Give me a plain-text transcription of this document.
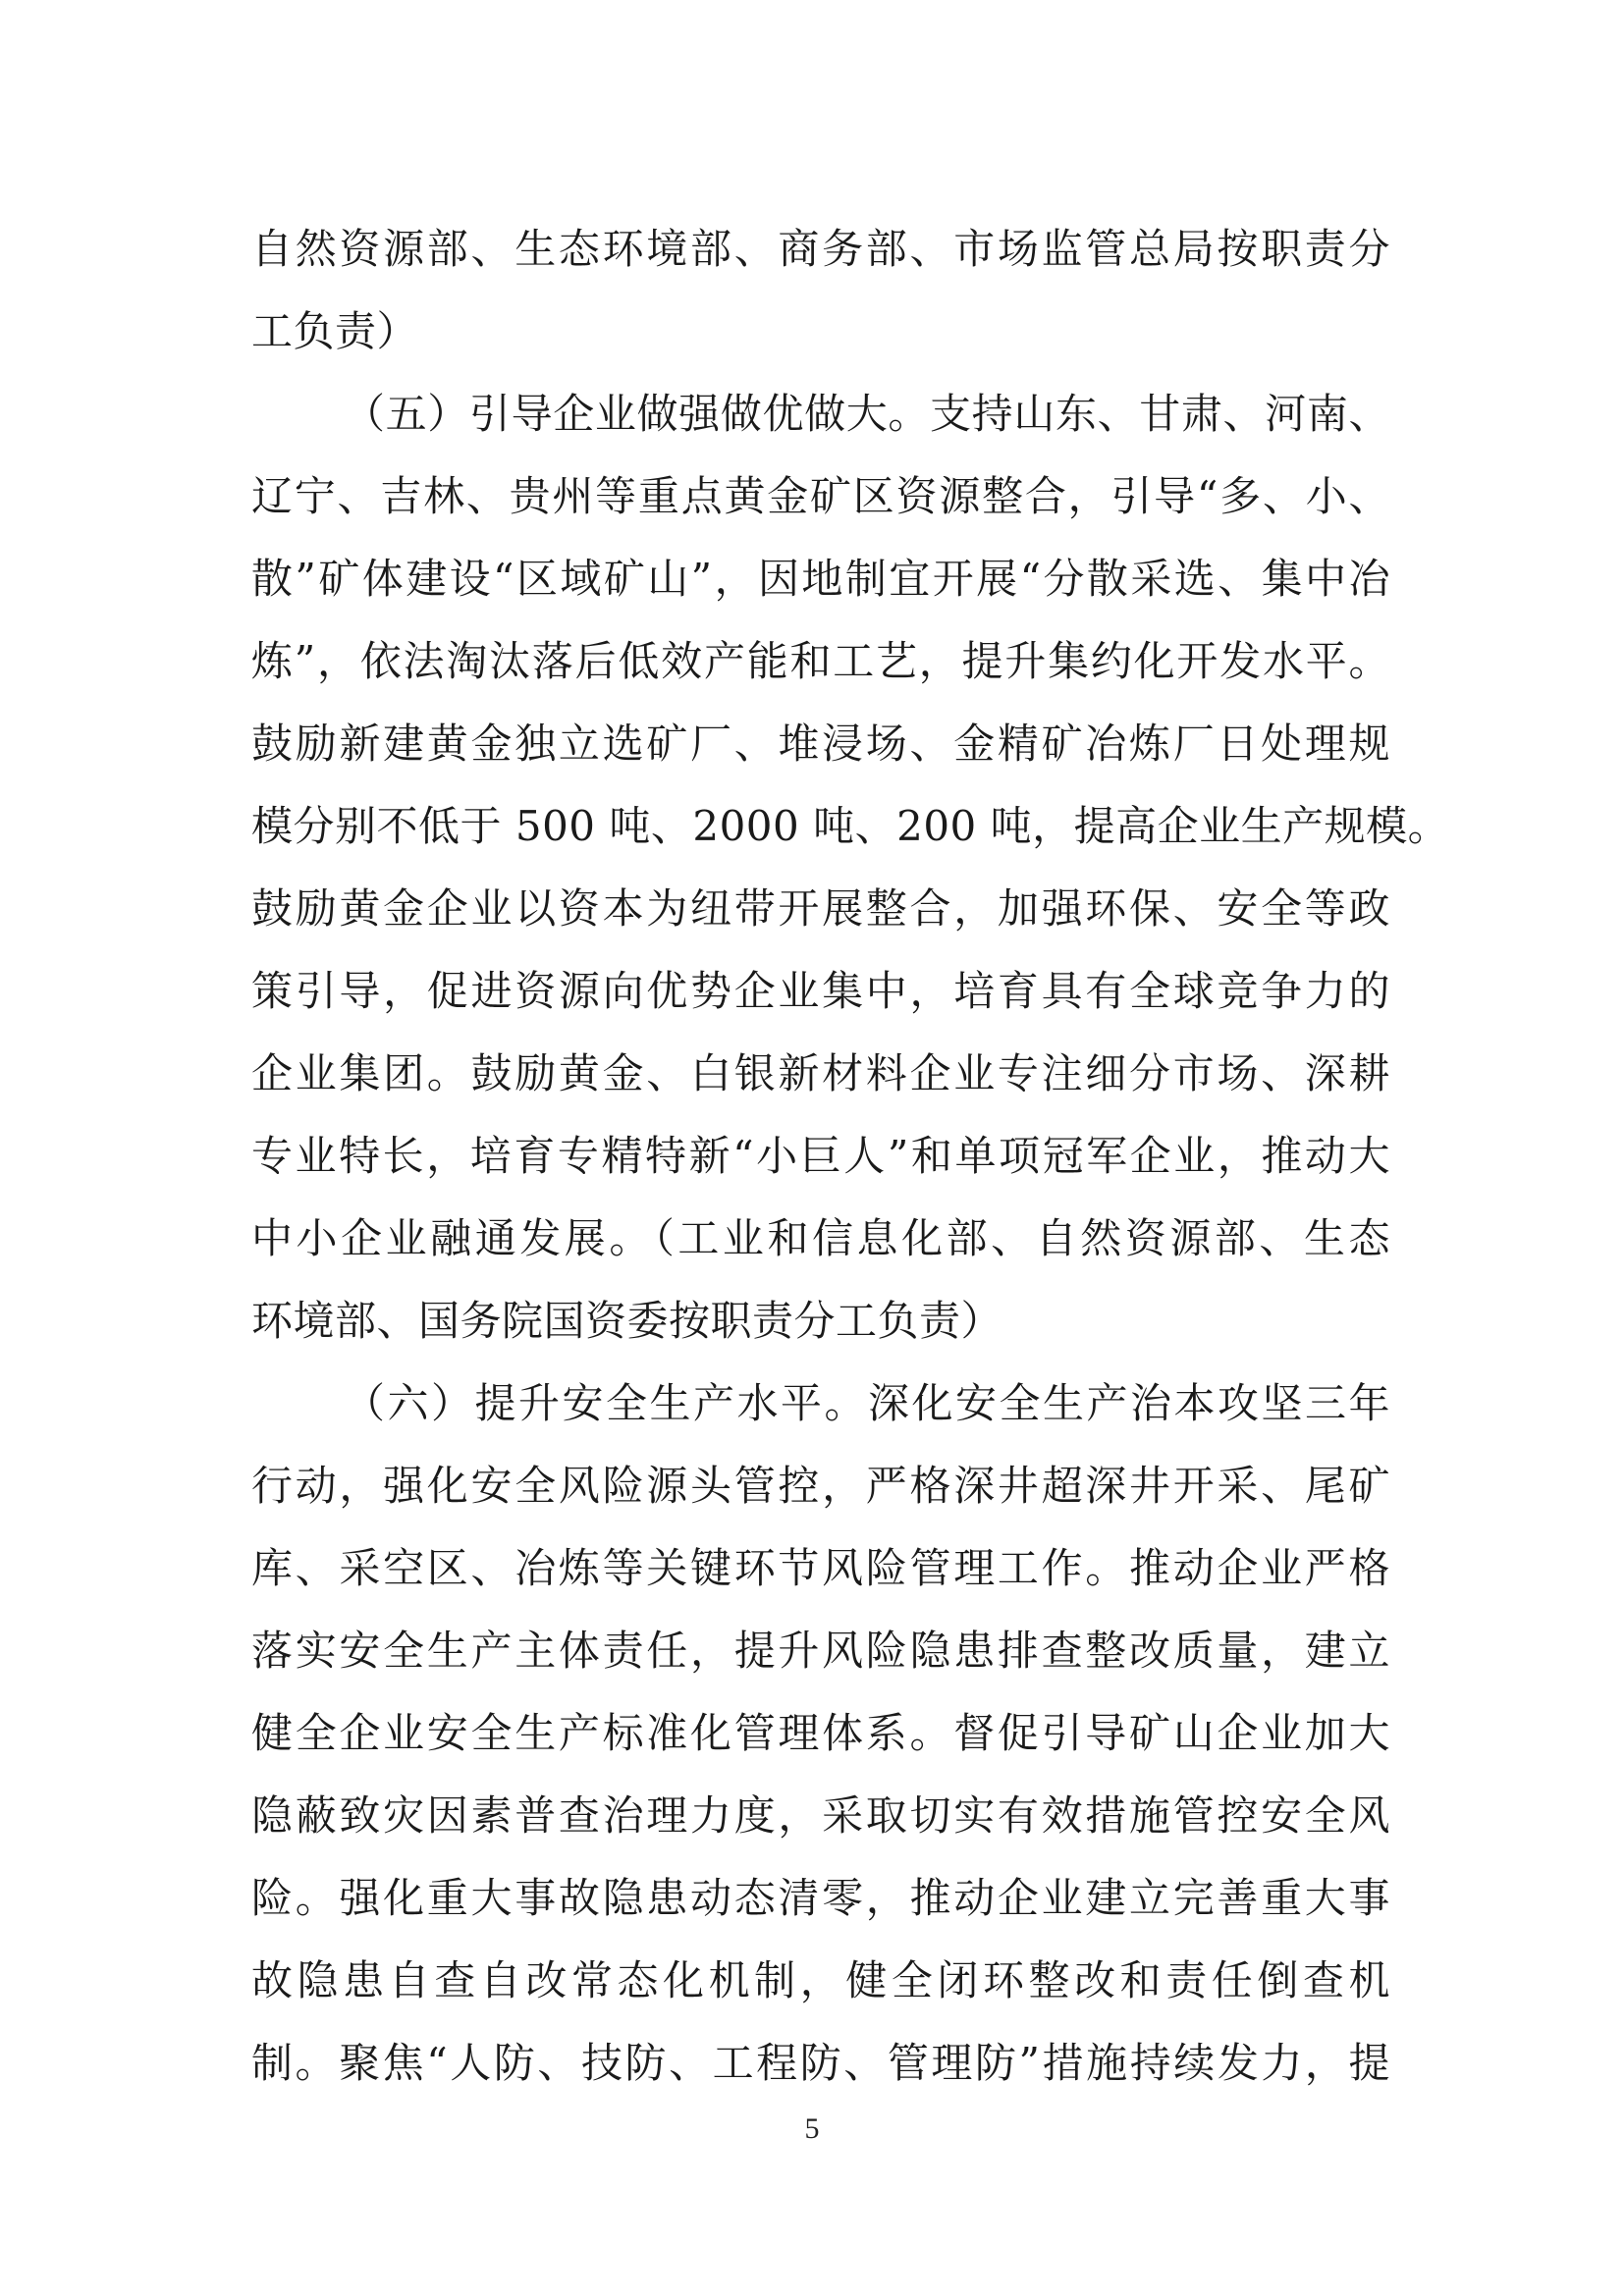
自然资源部、生态环境部、商务部、市场监管总局按职责分
工负责）
（五）引导企业做强做优做大。支持山东、甘肃、河南、
辽宁、吉林、贵州等重点黄金矿区资源整合，引导“多、小、
散”矿体建设“区域矿山”，因地制宜开展“分散采选、集中冶
炼”，依法淘汰落后低效产能和工艺，提升集约化开发水平。
鼓励新建黄金独立选矿厂、堆浸场、金精矿冶炼厂日处理规
模分别不低于 500 吨、2000 吨、200 吨，提高企业生产规模。
鼓励黄金企业以资本为纽带开展整合，加强环保、安全等政
策引导，促进资源向优势企业集中，培育具有全球竞争力的
企业集团。鼓励黄金、白银新材料企业专注细分市场、深耕
专业特长，培育专精特新“小巨人”和单项冠军企业，推动大
中小企业融通发展。（工业和信息化部、自然资源部、生态
环境部、国务院国资委按职责分工负责）
（六）提升安全生产水平。深化安全生产治本攻坚三年
行动，强化安全风险源头管控，严格深井超深井开采、尾矿
库、采空区、冶炼等关键环节风险管理工作。推动企业严格
落实安全生产主体责任，提升风险隐患排查整改质量，建立
健全企业安全生产标准化管理体系。督促引导矿山企业加大
隐蔽致灾因素普查治理力度，采取切实有效措施管控安全风
险。强化重大事故隐患动态清零，推动企业建立完善重大事
故隐患自查自改常态化机制，健全闭环整改和责任倒查机
制。聚焦“人防、技防、工程防、管理防”措施持续发力，提
5
